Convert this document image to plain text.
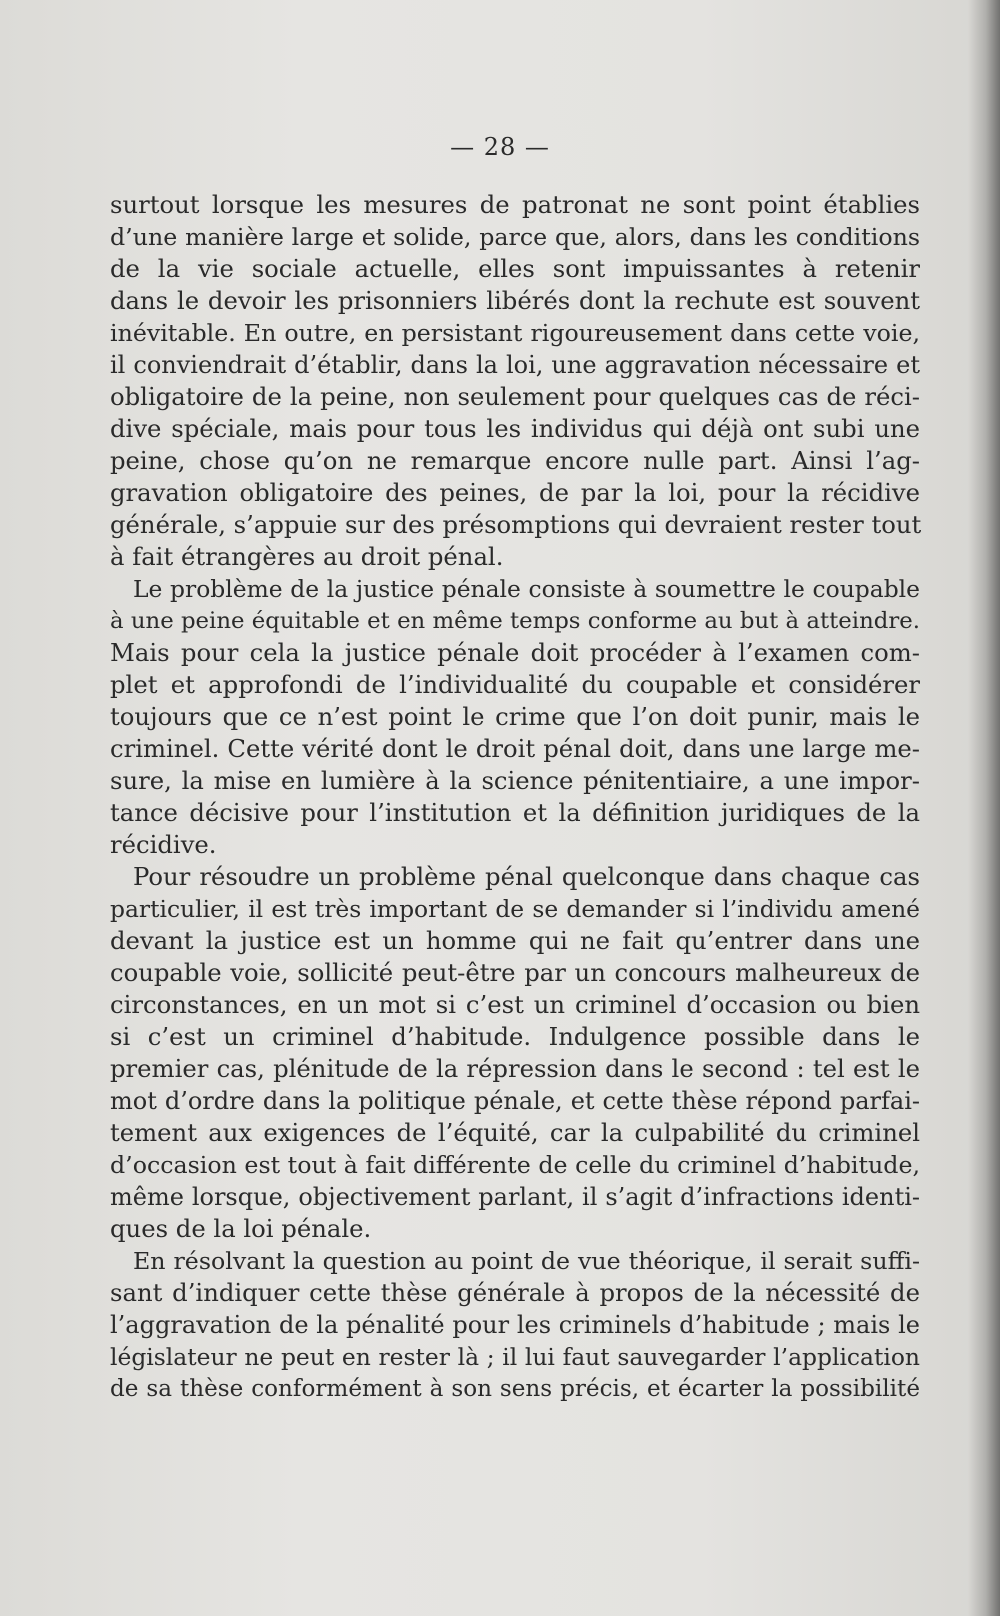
— 28 —
surtout lorsque les mesures de patronat ne sont point établies
d’une manière large et solide, parce que, alors, dans les conditions
de la vie sociale actuelle, elles sont impuissantes à retenir
dans le devoir les prisonniers libérés dont la rechute est souvent
inévitable. En outre, en persistant rigoureusement dans cette voie,
il conviendrait d’établir, dans la loi, une aggravation nécessaire et
obligatoire de la peine, non seulement pour quelques cas de réci-
dive spéciale, mais pour tous les individus qui déjà ont subi une
peine, chose qu’on ne remarque encore nulle part. Ainsi l’ag-
gravation obligatoire des peines, de par la loi, pour la récidive
générale, s’appuie sur des présomptions qui devraient rester tout
à fait étrangères au droit pénal.
Le problème de la justice pénale consiste à soumettre le coupable
à une peine équitable et en même temps conforme au but à atteindre.
Mais pour cela la justice pénale doit procéder à l’examen com-
plet et approfondi de l’individualité du coupable et considérer
toujours que ce n’est point le crime que l’on doit punir, mais le
criminel. Cette vérité dont le droit pénal doit, dans une large me-
sure, la mise en lumière à la science pénitentiaire, a une impor-
tance décisive pour l’institution et la définition juridiques de la
récidive.
Pour résoudre un problème pénal quelconque dans chaque cas
particulier, il est très important de se demander si l’individu amené
devant la justice est un homme qui ne fait qu’entrer dans une
coupable voie, sollicité peut-être par un concours malheureux de
circonstances, en un mot si c’est un criminel d’occasion ou bien
si c’est un criminel d’habitude. Indulgence possible dans le
premier cas, plénitude de la répression dans le second : tel est le
mot d’ordre dans la politique pénale, et cette thèse répond parfai-
tement aux exigences de l’équité, car la culpabilité du criminel
d’occasion est tout à fait différente de celle du criminel d’habitude,
même lorsque, objectivement parlant, il s’agit d’infractions identi-
ques de la loi pénale.
En résolvant la question au point de vue théorique, il serait suffi-
sant d’indiquer cette thèse générale à propos de la nécessité de
l’aggravation de la pénalité pour les criminels d’habitude ; mais le
législateur ne peut en rester là ; il lui faut sauvegarder l’application
de sa thèse conformément à son sens précis, et écarter la possibilité
